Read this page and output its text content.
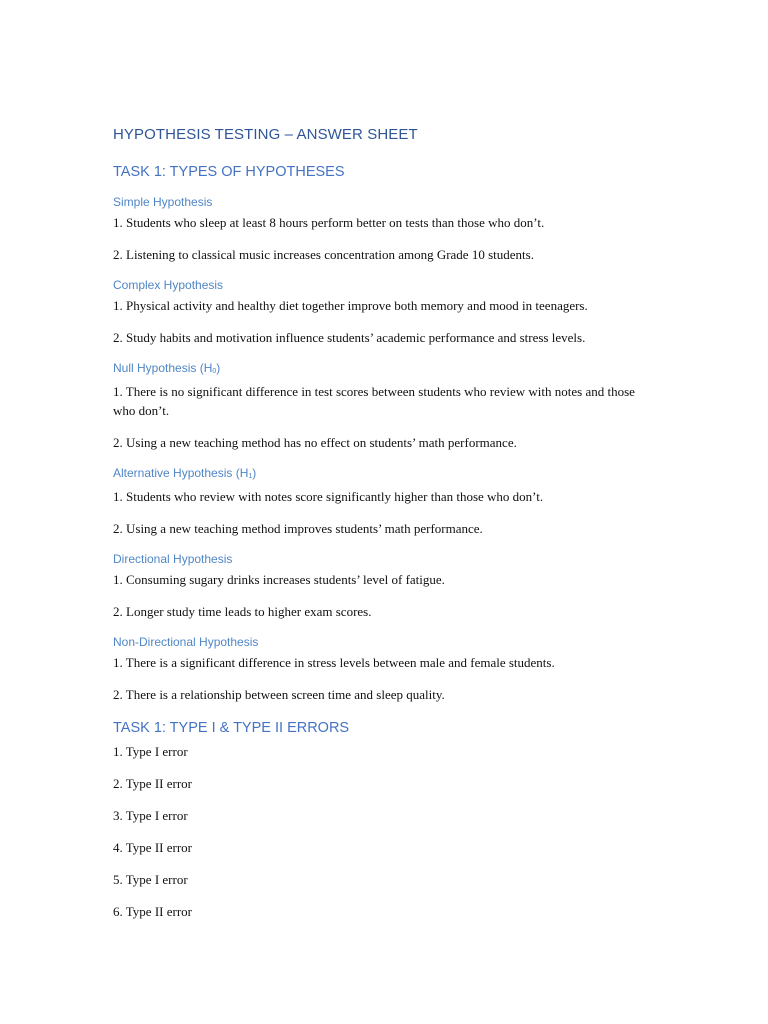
HYPOTHESIS TESTING – ANSWER SHEET
TASK 1: TYPES OF HYPOTHESES
Simple Hypothesis

1. Students who sleep at least 8 hours perform better on tests than those who don’t.

2. Listening to classical music increases concentration among Grade 10 students.

Complex Hypothesis

1. Physical activity and healthy diet together improve both memory and mood in teenagers.

2. Study habits and motivation influence students’ academic performance and stress levels.

Null Hypothesis $(H_0)$

1. There is no significant difference in test scores between students who review with notes and those who don’t.

2. Using a new teaching method has no effect on students’ math performance.

Alternative Hypothesis $(H_1)$

1. Students who review with notes score significantly higher than those who don’t.

2. Using a new teaching method improves students’ math performance.

Directional Hypothesis

1. Consuming sugary drinks increases students’ level of fatigue.

2. Longer study time leads to higher exam scores.

Non-Directional Hypothesis

1. There is a significant difference in stress levels between male and female students.

2. There is a relationship between screen time and sleep quality.

TASK 1: TYPE I & TYPE II ERRORS

1. Type I error

2. Type II error

3. Type I error

4. Type II error

5. Type I error

6. Type II error
